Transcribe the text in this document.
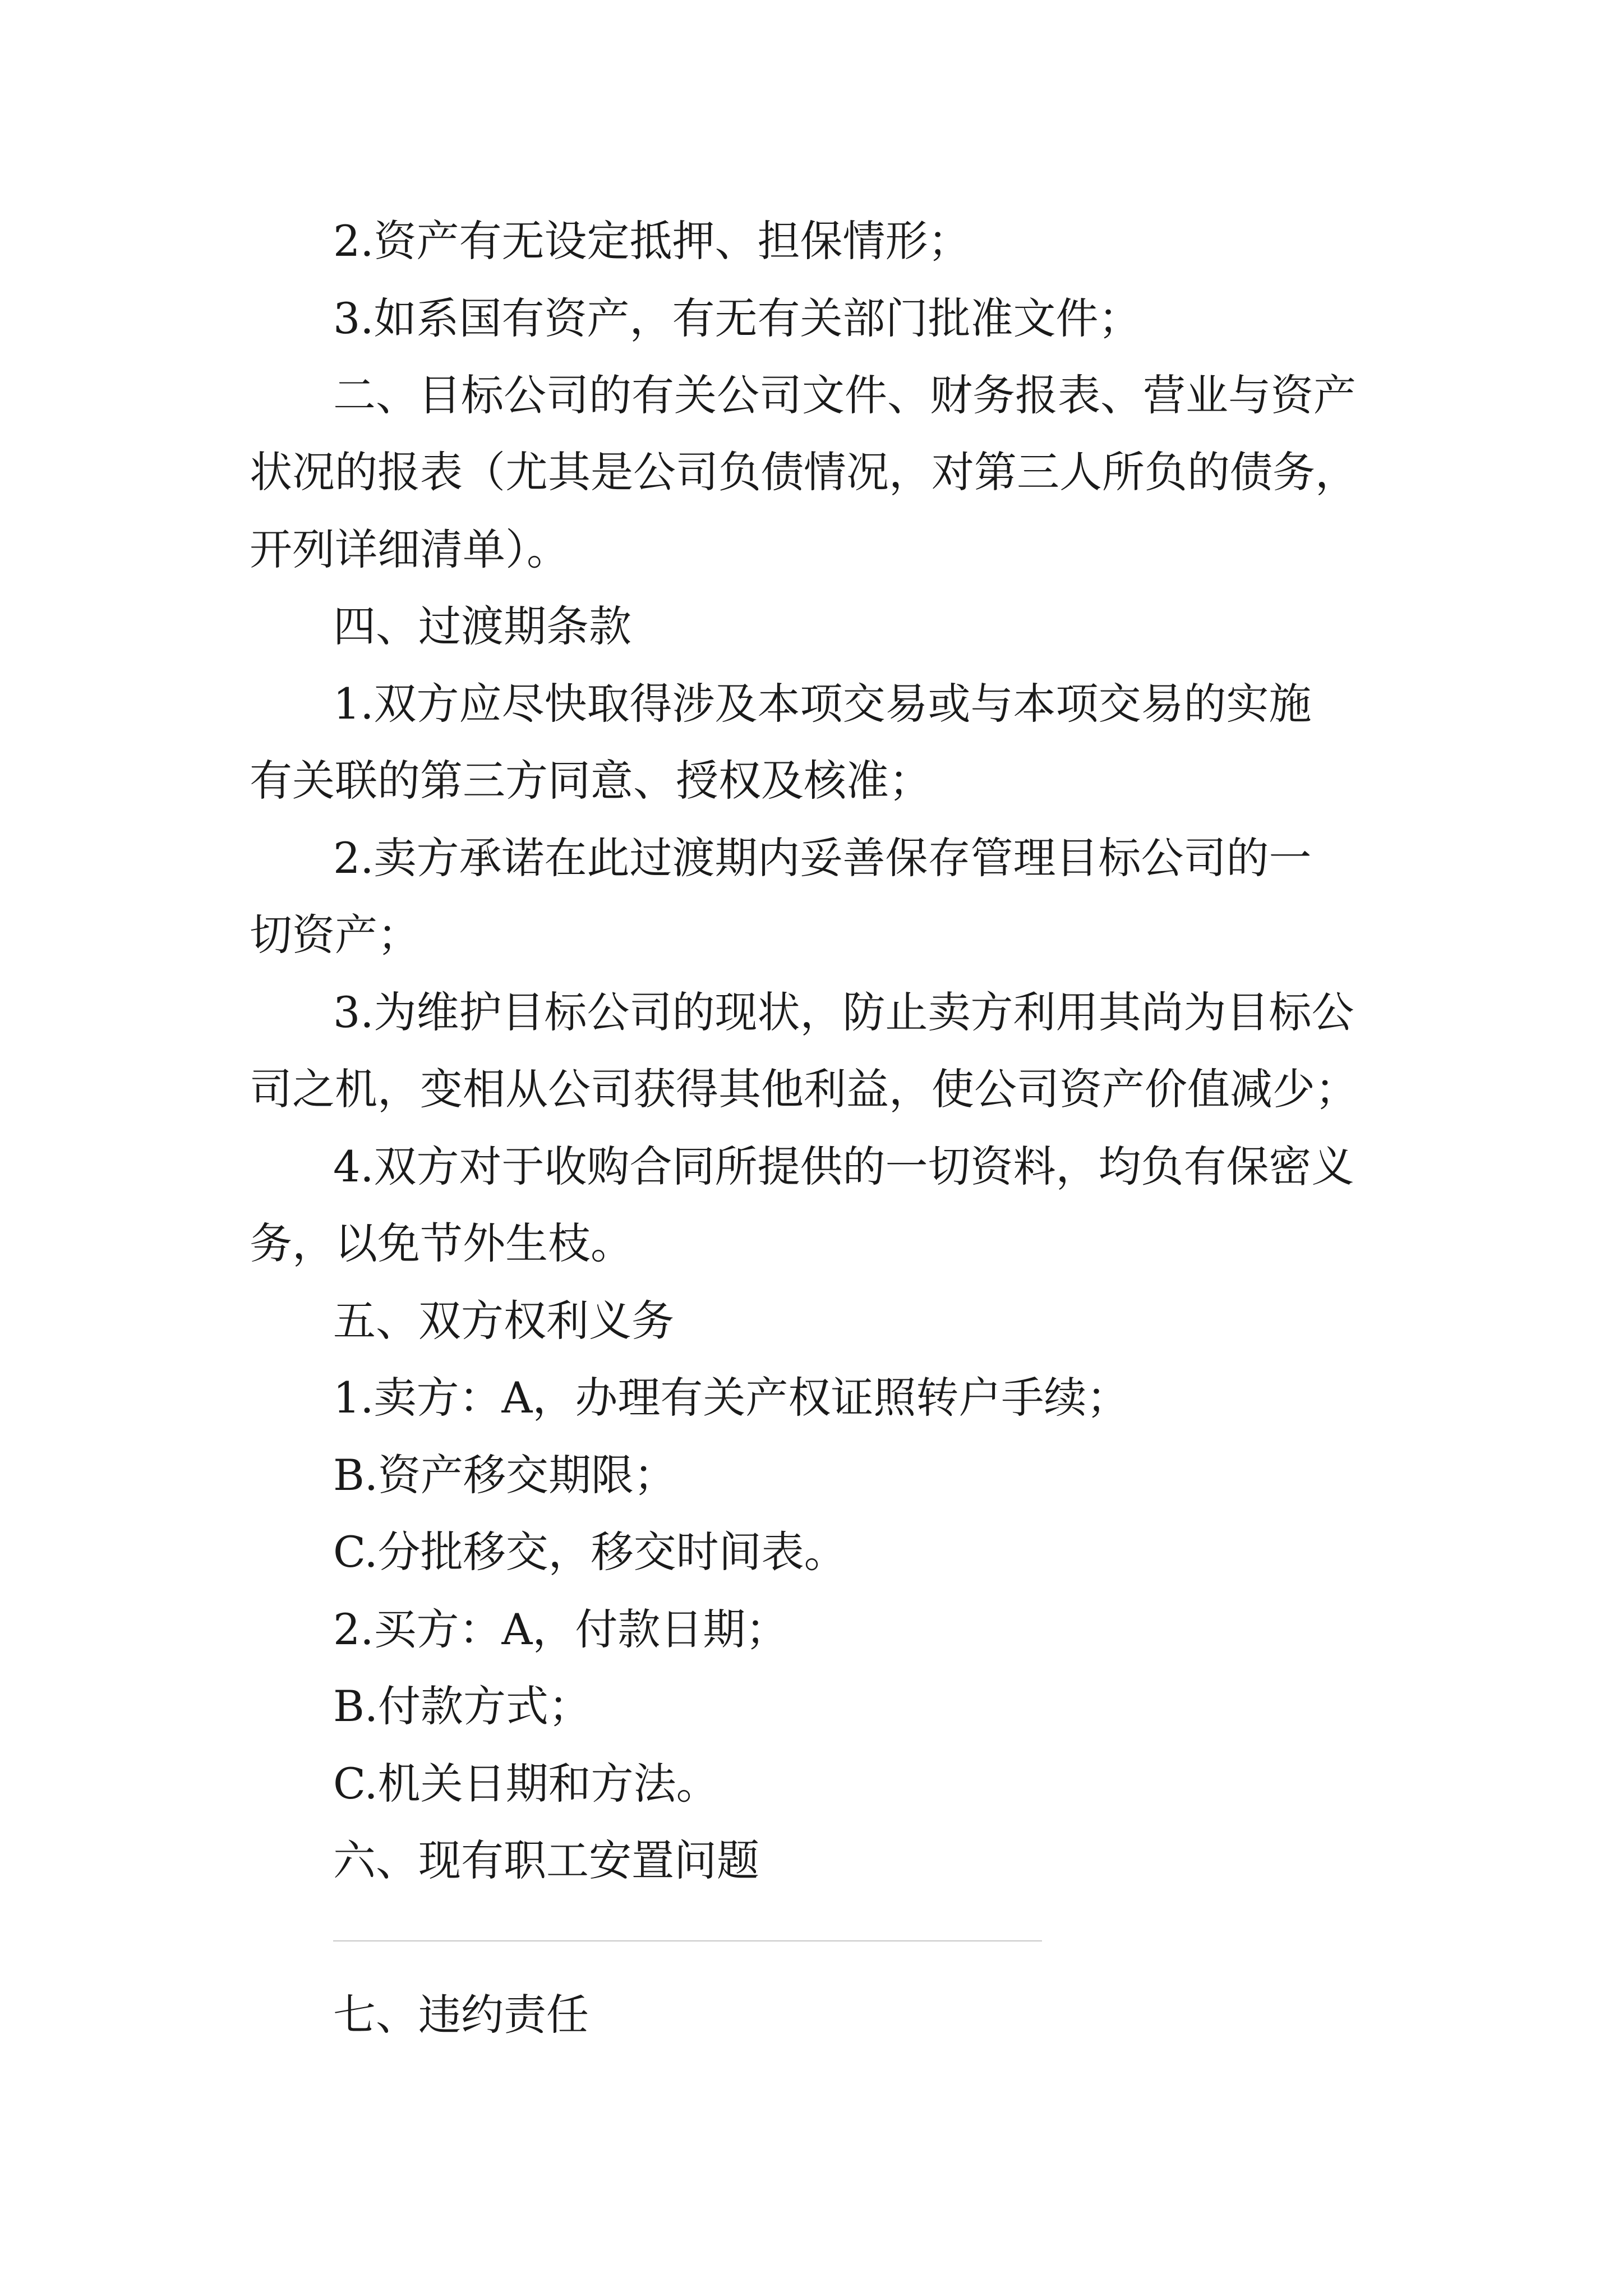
2.资产有无设定抵押、担保情形；

3.如系国有资产，有无有关部门批准文件；

二、目标公司的有关公司文件、财务报表、营业与资产

状况的报表（尤其是公司负债情况，对第三人所负的债务，

开列详细清单）。

四、过渡期条款

1.双方应尽快取得涉及本项交易或与本项交易的实施

有关联的第三方同意、授权及核准；

2.卖方承诺在此过渡期内妥善保存管理目标公司的一

切资产；

3.为维护目标公司的现状，防止卖方利用其尚为目标公

司之机，变相从公司获得其他利益，使公司资产价值减少；

4.双方对于收购合同所提供的一切资料，均负有保密义

务，以免节外生枝。

五、双方权利义务

1.卖方：A，办理有关产权证照转户手续；

B.资产移交期限；

C.分批移交，移交时间表。

2.买方：A，付款日期；

B.付款方式；

C.机关日期和方法。

六、现有职工安置问题

七、违约责任
